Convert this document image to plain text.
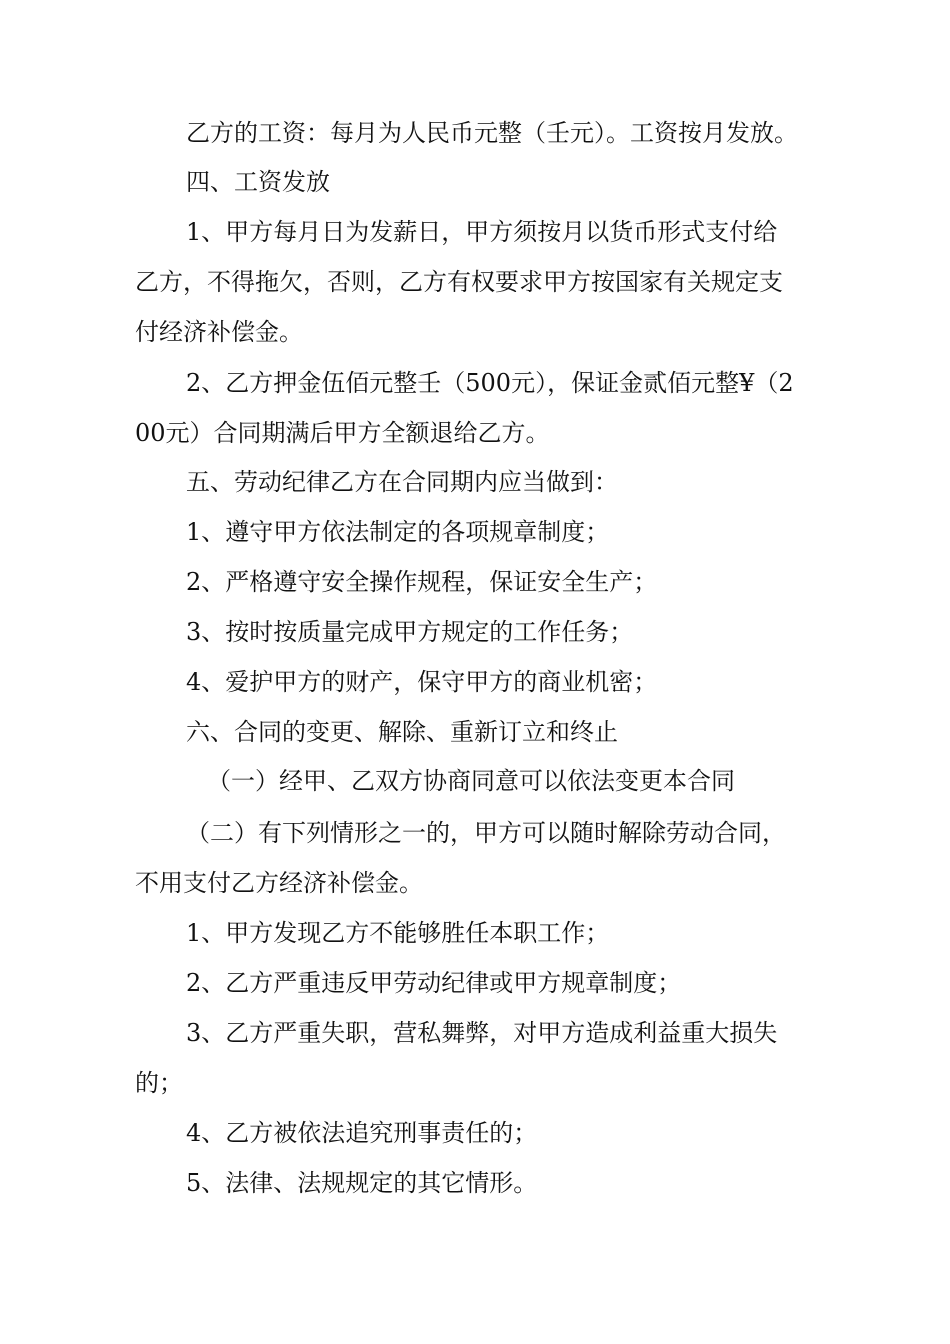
乙方的工资：每月为人民币元整（壬元）。工资按月发放。
四、工资发放
1、甲方每月日为发薪日，甲方须按月以货币形式支付给
乙方，不得拖欠，否则，乙方有权要求甲方按国家有关规定支
付经济补偿金。
2、乙方押金伍佰元整壬（500元），保证金贰佰元整¥（2
00元）合同期满后甲方全额退给乙方。
五、劳动纪律乙方在合同期内应当做到：
1、遵守甲方依法制定的各项规章制度；
2、严格遵守安全操作规程，保证安全生产；
3、按时按质量完成甲方规定的工作任务；
4、爱护甲方的财产，保守甲方的商业机密；
六、合同的变更、解除、重新订立和终止
（一）经甲、乙双方协商同意可以依法变更本合同
（二）有下列情形之一的，甲方可以随时解除劳动合同，
不用支付乙方经济补偿金。
1、甲方发现乙方不能够胜任本职工作；
2、乙方严重违反甲劳动纪律或甲方规章制度；
3、乙方严重失职，营私舞弊，对甲方造成利益重大损失
的；
4、乙方被依法追究刑事责任的；
5、法律、法规规定的其它情形。
